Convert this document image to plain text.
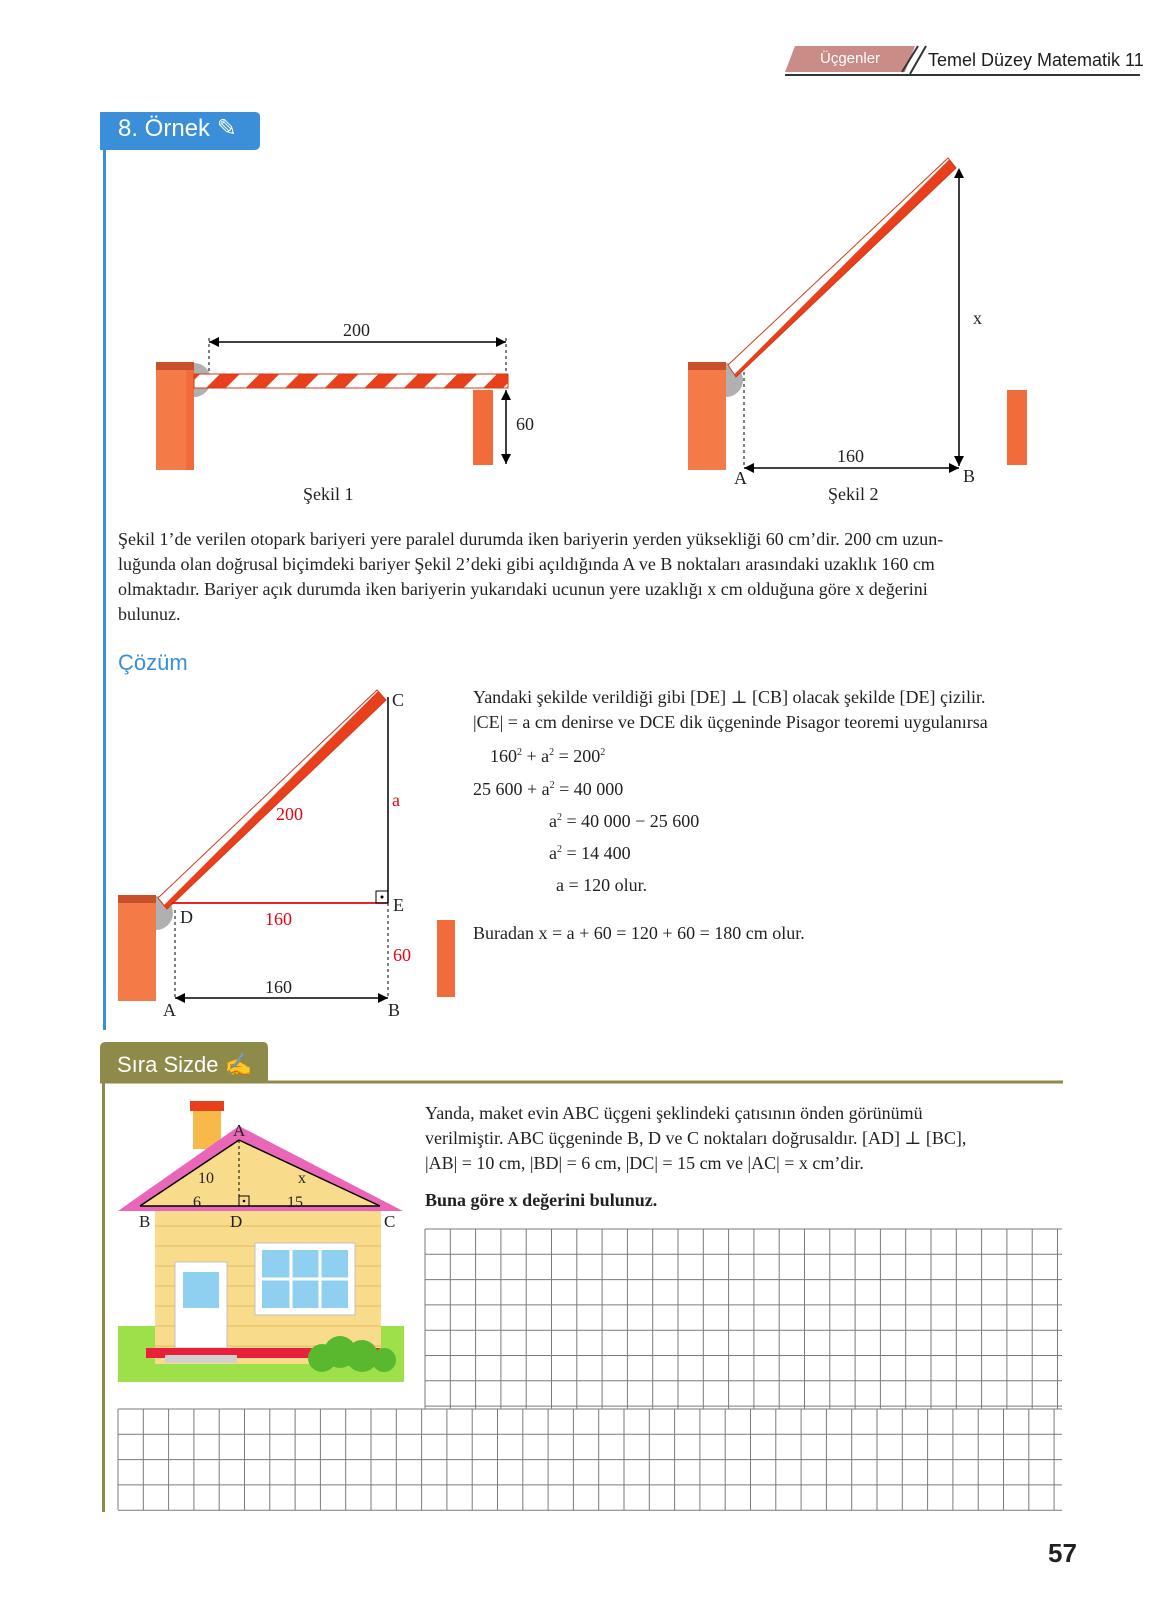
Üçgenler	Temel Düzey Matematik 11
8. Örnek ✎
200
60
Şekil 1
x
160
A	B
Şekil 2
Şekil 1’de verilen otopark bariyeri yere paralel durumda iken bariyerin yerden yüksekliği 60 cm’dir. 200 cm uzun-
luğunda olan doğrusal biçimdeki bariyer Şekil 2’deki gibi açıldığında A ve B noktaları arasındaki uzaklık 160 cm
olmaktadır. Bariyer açık durumda iken bariyerin yukarıdaki ucunun yere uzaklığı x cm olduğuna göre x değerini
bulunuz.
Çözüm
C
a
200
D	160
E
60
160
A	B
Yandaki şekilde verildiği gibi [DE] ⊥ [CB] olacak şekilde [DE] çizilir.
|CE| = a cm denirse ve DCE dik üçgeninde Pisagor teoremi uygulanırsa
$160^2 + a^2 = 200^2$
25 $600 + a^2 = 40$ 000
$a^2 = 40$ 000 − 25 600
$a^2 = 14$ 400
a = 120 olur.
Buradan x = a + 60 = 120 + 60 = 180 cm olur.
Sıra Sizde ✍
A
B	C
D
10	x
6	15
Yanda, maket evin ABC üçgeni şeklindeki çatısının önden görünümü
verilmiştir. ABC üçgeninde B, D ve C noktaları doğrusaldır. [AD] ⊥ [BC],
|AB| = 10 cm, |BD| = 6 cm, |DC| = 15 cm ve |AC| = x cm’dir.
Buna göre x değerini bulunuz.
57
